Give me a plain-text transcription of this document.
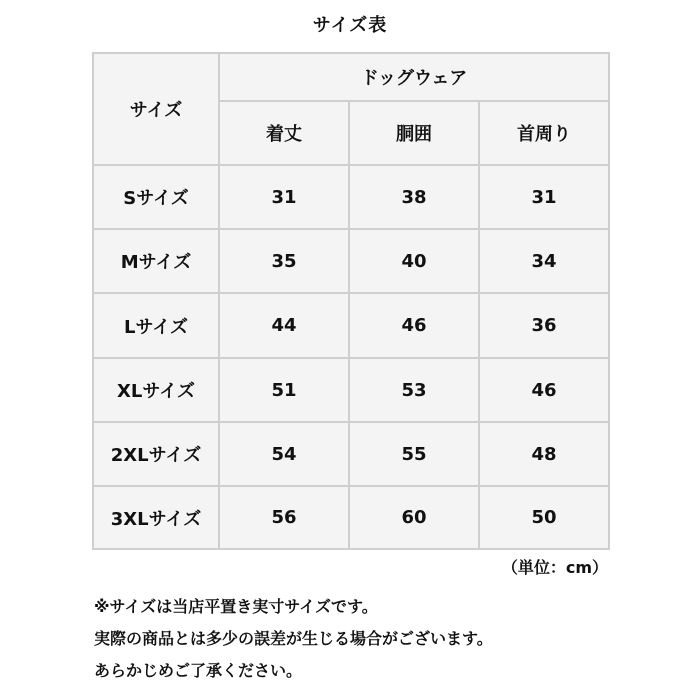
サイズ表
サイズ
ドッグウェア
着丈	胴囲	首周り
Sサイズ	31	38	31
Mサイズ	35	40	34
Lサイズ	44	46	36
XLサイズ	51	53	46
2XLサイズ	54	55	48
3XLサイズ	56	60	50
（単位：cm）
※サイズは当店平置き実寸サイズです。
実際の商品とは多少の誤差が生じる場合がございます。
あらかじめご了承ください。
